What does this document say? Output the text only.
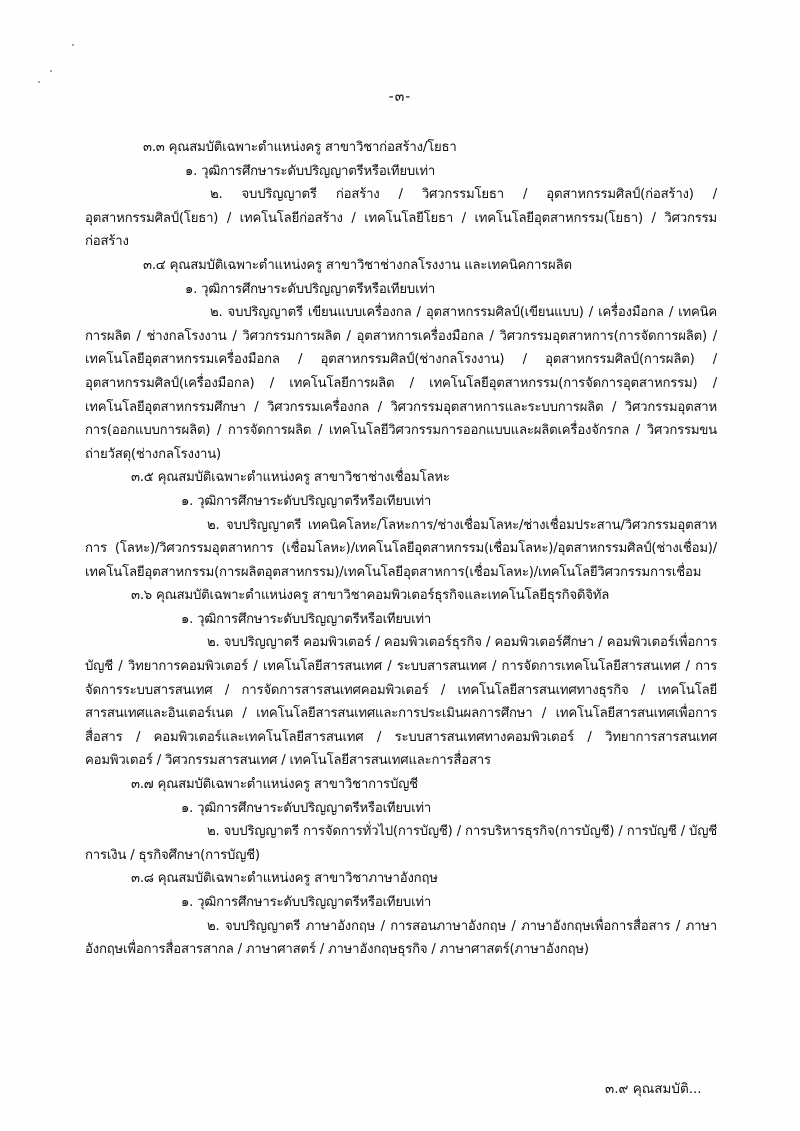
-๓-
๓.๓ คุณสมบัติเฉพาะตำแหน่งครู สาขาวิชาก่อสร้าง/โยธา
๑. วุฒิการศึกษาระดับปริญญาตรีหรือเทียบเท่า
๒. จบปริญญาตรี ก่อสร้าง / วิศวกรรมโยธา / อุตสาหกรรมศิลป์(ก่อสร้าง) / อุตสาหกรรมศิลป์(โยธา) / เทคโนโลยีก่อสร้าง / เทคโนโลยีโยธา / เทคโนโลยีอุตสาหกรรม(โยธา) / วิศวกรรมก่อสร้าง
๓.๔ คุณสมบัติเฉพาะตำแหน่งครู สาขาวิชาช่างกลโรงงาน และเทคนิคการผลิต
๑. วุฒิการศึกษาระดับปริญญาตรีหรือเทียบเท่า
๒. จบปริญญาตรี เขียนแบบเครื่องกล / อุตสาหกรรมศิลป์(เขียนแบบ) / เครื่องมือกล / เทคนิคการผลิต / ช่างกลโรงงาน / วิศวกรรมการผลิต / อุตสาหการเครื่องมือกล / วิศวกรรมอุตสาหการ(การจัดการผลิต) / เทคโนโลยีอุตสาหกรรมเครื่องมือกล / อุตสาหกรรมศิลป์(ช่างกลโรงงาน) / อุตสาหกรรมศิลป์(การผลิต) / อุตสาหกรรมศิลป์(เครื่องมือกล) / เทคโนโลยีการผลิต / เทคโนโลยีอุตสาหกรรม(การจัดการอุตสาหกรรม) / เทคโนโลยีอุตสาหกรรมศึกษา / วิศวกรรมเครื่องกล / วิศวกรรมอุตสาหการและระบบการผลิต / วิศวกรรมอุตสาหการ(ออกแบบการผลิต) / การจัดการผลิต / เทคโนโลยีวิศวกรรมการออกแบบและผลิตเครื่องจักรกล / วิศวกรรมขนถ่ายวัสดุ(ช่างกลโรงงาน)
๓.๕ คุณสมบัติเฉพาะตำแหน่งครู สาขาวิชาช่างเชื่อมโลหะ
๑. วุฒิการศึกษาระดับปริญญาตรีหรือเทียบเท่า
๒. จบปริญญาตรี เทคนิคโลหะ/โลหะการ/ช่างเชื่อมโลหะ/ช่างเชื่อมประสาน/วิศวกรรมอุตสาหการ (โลหะ)/วิศวกรรมอุตสาหการ (เชื่อมโลหะ)/เทคโนโลยีอุตสาหกรรม(เชื่อมโลหะ)/อุตสาหกรรมศิลป์(ช่างเชื่อม)/เทคโนโลยีอุตสาหกรรม(การผลิตอุตสาหกรรม)/เทคโนโลยีอุตสาหการ(เชื่อมโลหะ)/เทคโนโลยีวิศวกรรมการเชื่อม
๓.๖ คุณสมบัติเฉพาะตำแหน่งครู สาขาวิชาคอมพิวเตอร์ธุรกิจและเทคโนโลยีธุรกิจดิจิทัล
๑. วุฒิการศึกษาระดับปริญญาตรีหรือเทียบเท่า
๒. จบปริญญาตรี คอมพิวเตอร์ / คอมพิวเตอร์ธุรกิจ / คอมพิวเตอร์ศึกษา / คอมพิวเตอร์เพื่อการบัญชี / วิทยาการคอมพิวเตอร์ / เทคโนโลยีสารสนเทศ / ระบบสารสนเทศ / การจัดการเทคโนโลยีสารสนเทศ / การจัดการระบบสารสนเทศ / การจัดการสารสนเทศคอมพิวเตอร์ / เทคโนโลยีสารสนเทศทางธุรกิจ / เทคโนโลยีสารสนเทศและอินเตอร์เนต / เทคโนโลยีสารสนเทศและการประเมินผลการศึกษา / เทคโนโลยีสารสนเทศเพื่อการสื่อสาร / คอมพิวเตอร์และเทคโนโลยีสารสนเทศ / ระบบสารสนเทศทางคอมพิวเตอร์ / วิทยาการสารสนเทศคอมพิวเตอร์ / วิศวกรรมสารสนเทศ / เทคโนโลยีสารสนเทศและการสื่อสาร
๓.๗ คุณสมบัติเฉพาะตำแหน่งครู สาขาวิชาการบัญชี
๑. วุฒิการศึกษาระดับปริญญาตรีหรือเทียบเท่า
๒. จบปริญญาตรี การจัดการทั่วไป(การบัญชี) / การบริหารธุรกิจ(การบัญชี) / การบัญชี / บัญชีการเงิน / ธุรกิจศึกษา(การบัญชี)
๓.๘ คุณสมบัติเฉพาะตำแหน่งครู สาขาวิชาภาษาอังกฤษ
๑. วุฒิการศึกษาระดับปริญญาตรีหรือเทียบเท่า
๒. จบปริญญาตรี ภาษาอังกฤษ / การสอนภาษาอังกฤษ / ภาษาอังกฤษเพื่อการสื่อสาร / ภาษาอังกฤษเพื่อการสื่อสารสากล / ภาษาศาสตร์ / ภาษาอังกฤษธุรกิจ / ภาษาศาสตร์(ภาษาอังกฤษ)
๓.๙ คุณสมบัติ...
